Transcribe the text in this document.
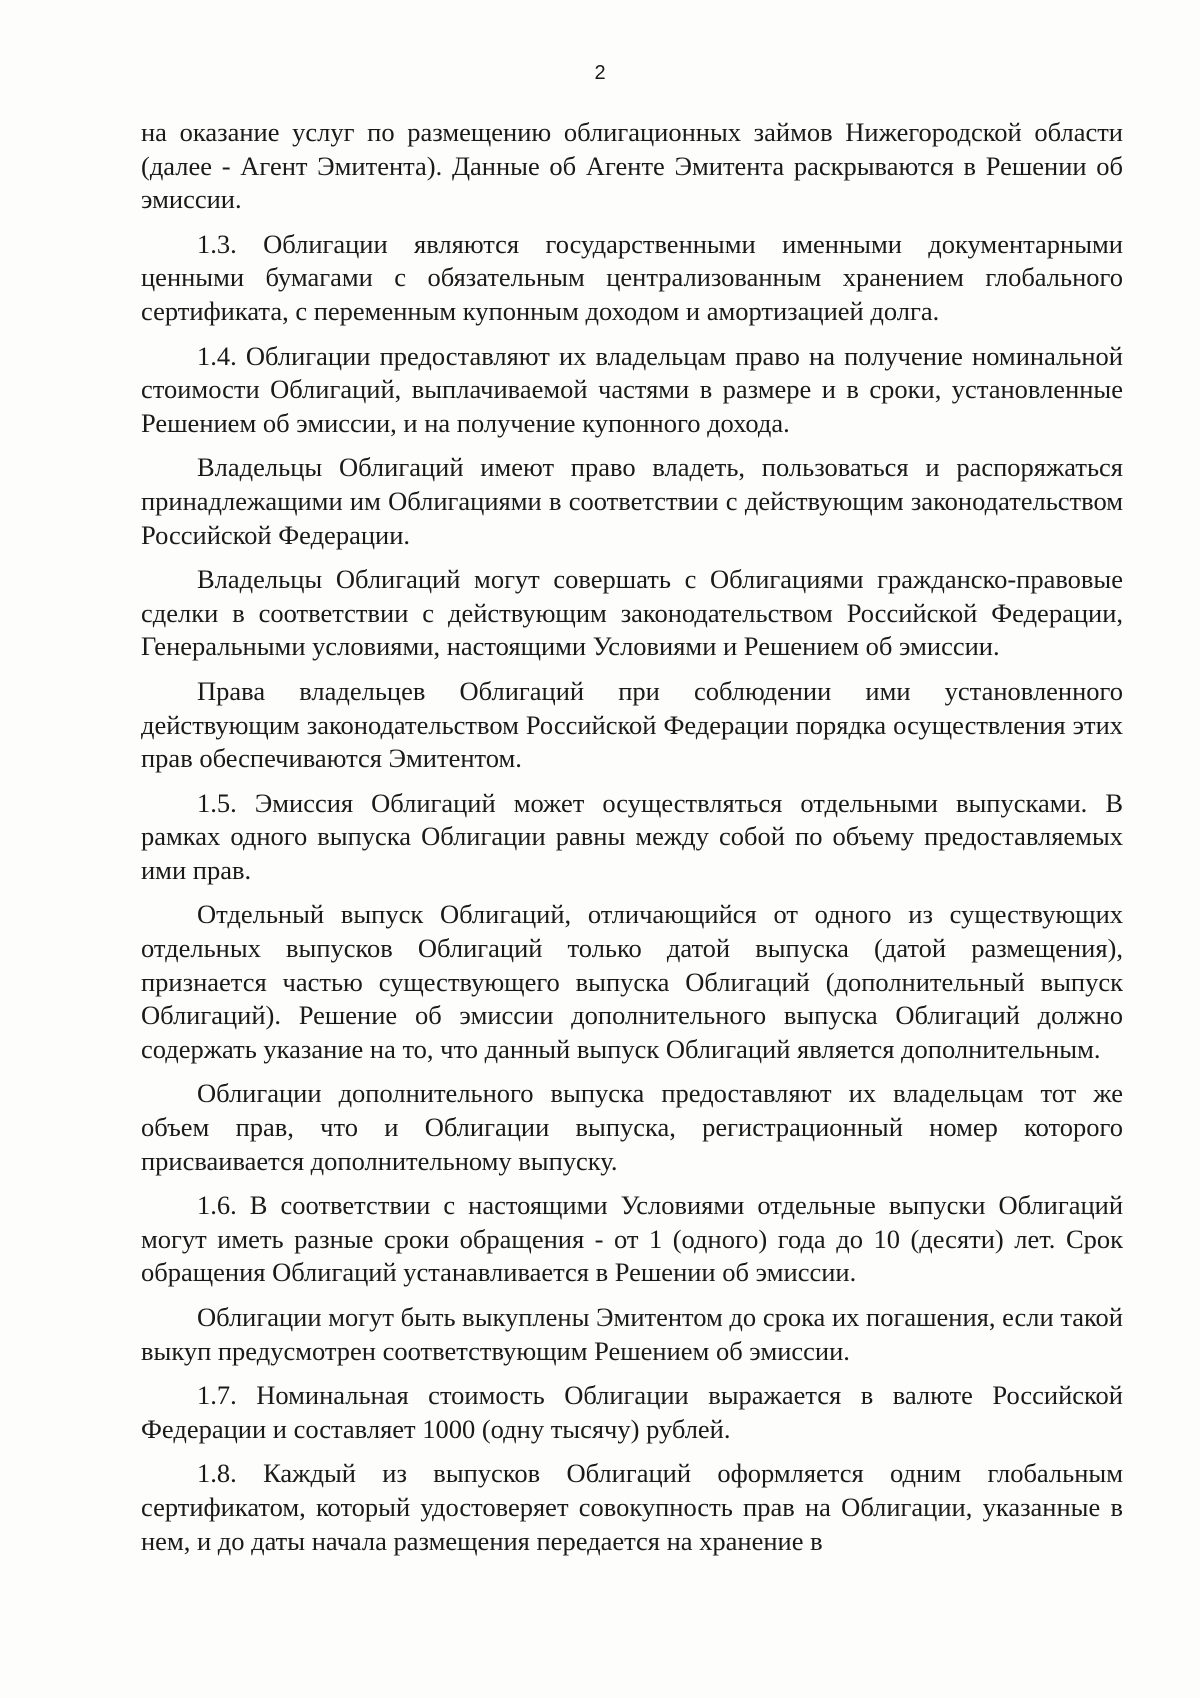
2

на оказание услуг по размещению облигационных займов Нижегородской области (далее - Агент Эмитента). Данные об Агенте Эмитента раскрываются в Решении об эмиссии.

1.3. Облигации являются государственными именными документарными ценными бумагами с обязательным централизованным хранением глобального сертификата, с переменным купонным доходом и амортизацией долга.

1.4. Облигации предоставляют их владельцам право на получение номинальной стоимости Облигаций, выплачиваемой частями в размере и в сроки, установленные Решением об эмиссии, и на получение купонного дохода.

Владельцы Облигаций имеют право владеть, пользоваться и распоряжаться принадлежащими им Облигациями в соответствии с действующим законодательством Российской Федерации.

Владельцы Облигаций могут совершать с Облигациями гражданско-правовые сделки в соответствии с действующим законодательством Российской Федерации, Генеральными условиями, настоящими Условиями и Решением об эмиссии.

Права владельцев Облигаций при соблюдении ими установленного действующим законодательством Российской Федерации порядка осуществления этих прав обеспечиваются Эмитентом.

1.5. Эмиссия Облигаций может осуществляться отдельными выпусками. В рамках одного выпуска Облигации равны между собой по объему предоставляемых ими прав.

Отдельный выпуск Облигаций, отличающийся от одного из существующих отдельных выпусков Облигаций только датой выпуска (датой размещения), признается частью существующего выпуска Облигаций (дополнительный выпуск Облигаций). Решение об эмиссии дополнительного выпуска Облигаций должно содержать указание на то, что данный выпуск Облигаций является дополнительным.

Облигации дополнительного выпуска предоставляют их владельцам тот же объем прав, что и Облигации выпуска, регистрационный номер которого присваивается дополнительному выпуску.

1.6. В соответствии с настоящими Условиями отдельные выпуски Облигаций могут иметь разные сроки обращения - от 1 (одного) года до 10 (десяти) лет. Срок обращения Облигаций устанавливается в Решении об эмиссии.

Облигации могут быть выкуплены Эмитентом до срока их погашения, если такой выкуп предусмотрен соответствующим Решением об эмиссии.

1.7. Номинальная стоимость Облигации выражается в валюте Российской Федерации и составляет 1000 (одну тысячу) рублей.

1.8. Каждый из выпусков Облигаций оформляется одним глобальным сертификатом, который удостоверяет совокупность прав на Облигации, указанные в нем, и до даты начала размещения передается на хранение в
